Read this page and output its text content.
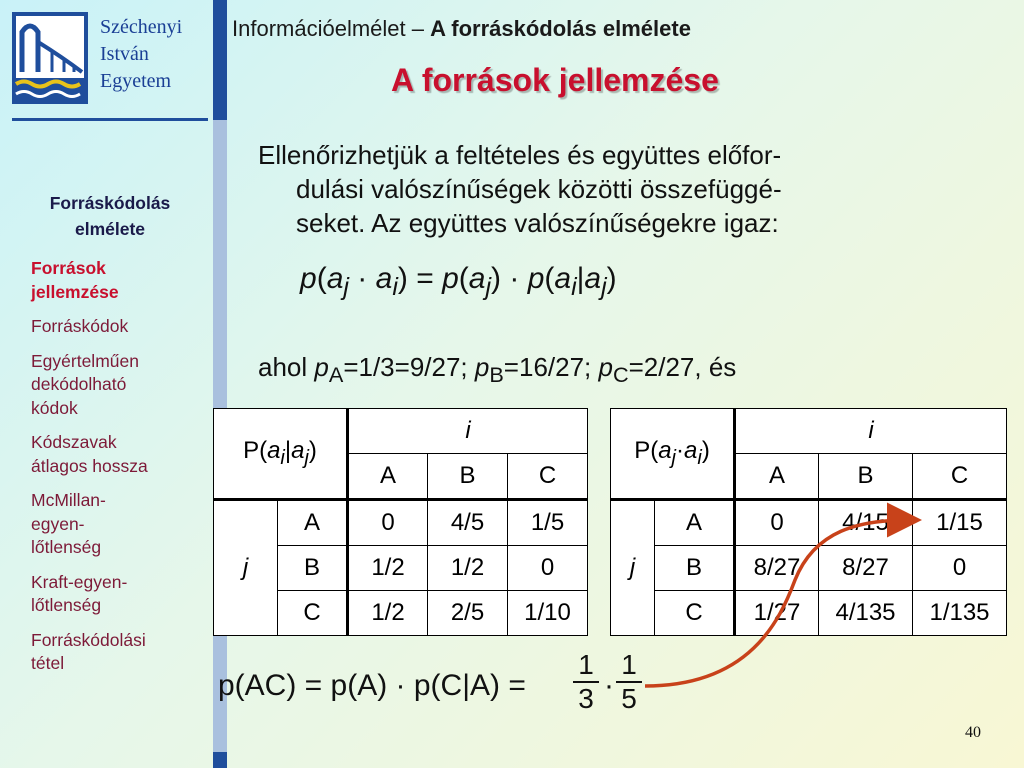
Széchenyi
István
Egyetem
Forráskódolás
elmélete
Források
jellemzése
Forráskódok
Egyértelműen
dekódolható
kódok
Kódszavak
átlagos hossza
McMillan-
egyen-
lőtlenség
Kraft-egyen-
lőtlenség
Forráskódolási
tétel
Információelmélet – A forráskódolás elmélete
A források jellemzése
Ellenőrizhetjük a feltételes és együttes előfor-
dulási valószínűségek közötti összefüggé-
seket. Az együttes valószínűségekre igaz:
$p(a_j \cdot a_i) = p(a_j) \cdot p(a_i|a_j)$
ahol $p_A=1/3=9/27$; $p_B=16/27$; $p_C=2/27$, és
$P(a_i|a_j)$		i		
		A	B	C
j	A	0	4/5	1/5
	B	1/2	1/2	0
	C	1/2	2/5	1/10
$P(a_j\cdot a_i)$		i		
		A	B	C
j	A	0	4/15	1/15
	B	8/27	8/27	0
	C	1/27	4/135	1/135
$p(AC) = p(A) \cdot p(C|A) = \frac{1}{3} \cdot \frac{1}{5}$
40
